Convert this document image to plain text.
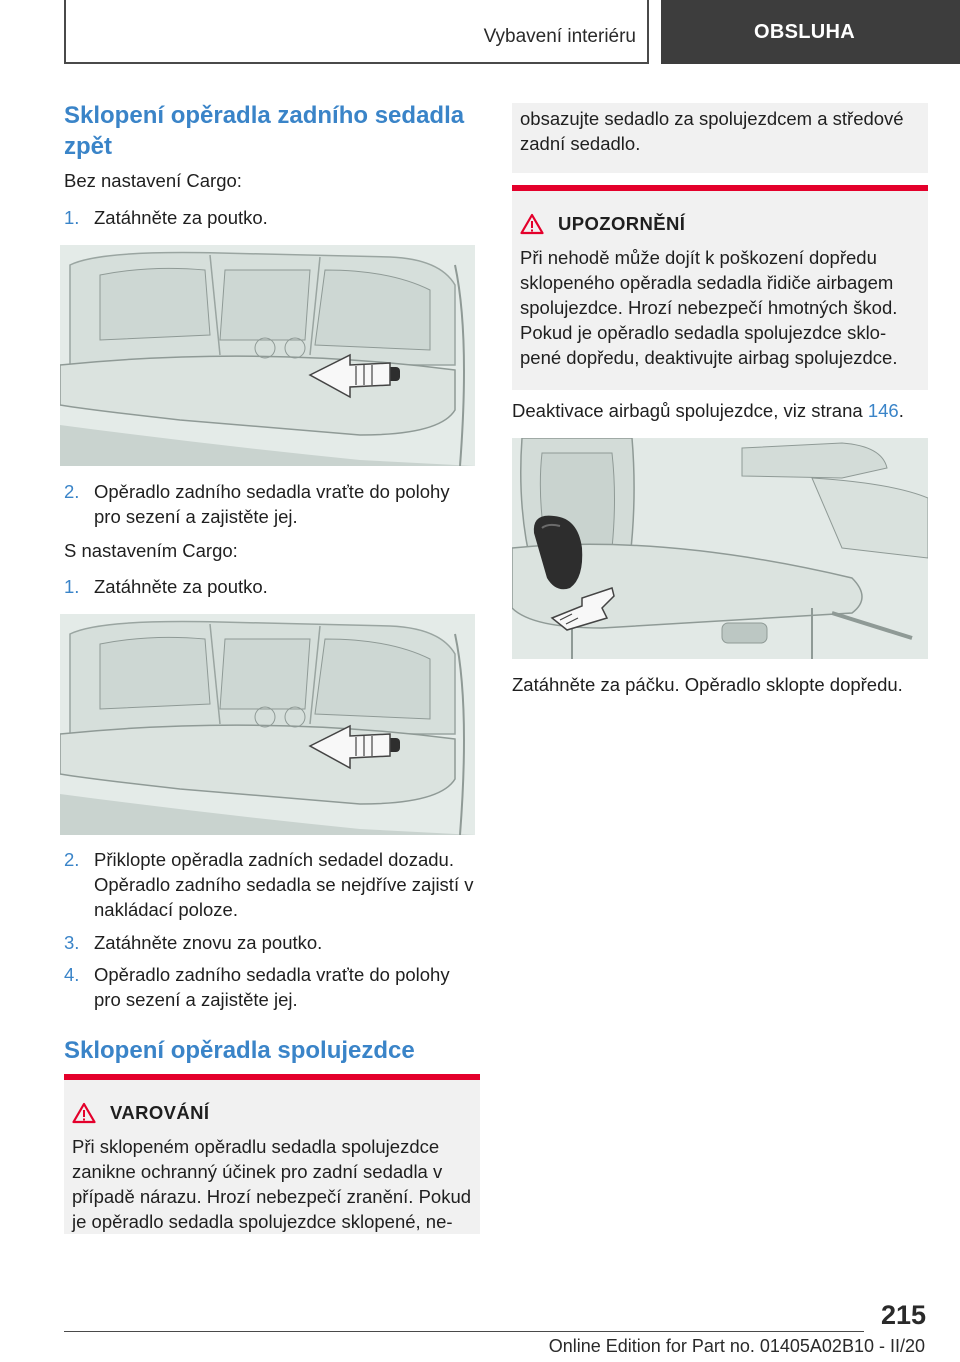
Vybavení interiéru	OBSLUHA
Sklopení opěradla zadního sedadla
zpět
Bez nastavení Cargo:
1. Zatáhněte za poutko.
2. Opěradlo zadního sedadla vraťte do polohy
pro sezení a zajistěte jej.
S nastavením Cargo:
1. Zatáhněte za poutko.
2. Přiklopte opěradla zadních sedadel dozadu.
Opěradlo zadního sedadla se nejdříve zajistí v
nakládací poloze.
3. Zatáhněte znovu za poutko.
4. Opěradlo zadního sedadla vraťte do polohy
pro sezení a zajistěte jej.
Sklopení opěradla spolujezdce
VAROVÁNÍ
Při sklopeném opěradlu sedadla spolujezdce
zanikne ochranný účinek pro zadní sedadla v
případě nárazu. Hrozí nebezpečí zranění. Pokud
je opěradlo sedadla spolujezdce sklopené, ne-
obsazujte sedadlo za spolujezdcem a středové
zadní sedadlo.
UPOZORNĚNÍ
Při nehodě může dojít k poškození dopředu
sklopeného opěradla sedadla řidiče airbagem
spolujezdce. Hrozí nebezpečí hmotných škod.
Pokud je opěradlo sedadla spolujezdce sklo-
pené dopředu, deaktivujte airbag spolujezdce.
Deaktivace airbagů spolujezdce, viz strana 146.
Zatáhněte za páčku. Opěradlo sklopte dopředu.
215
Online Edition for Part no. 01405A02B10 - II/20
